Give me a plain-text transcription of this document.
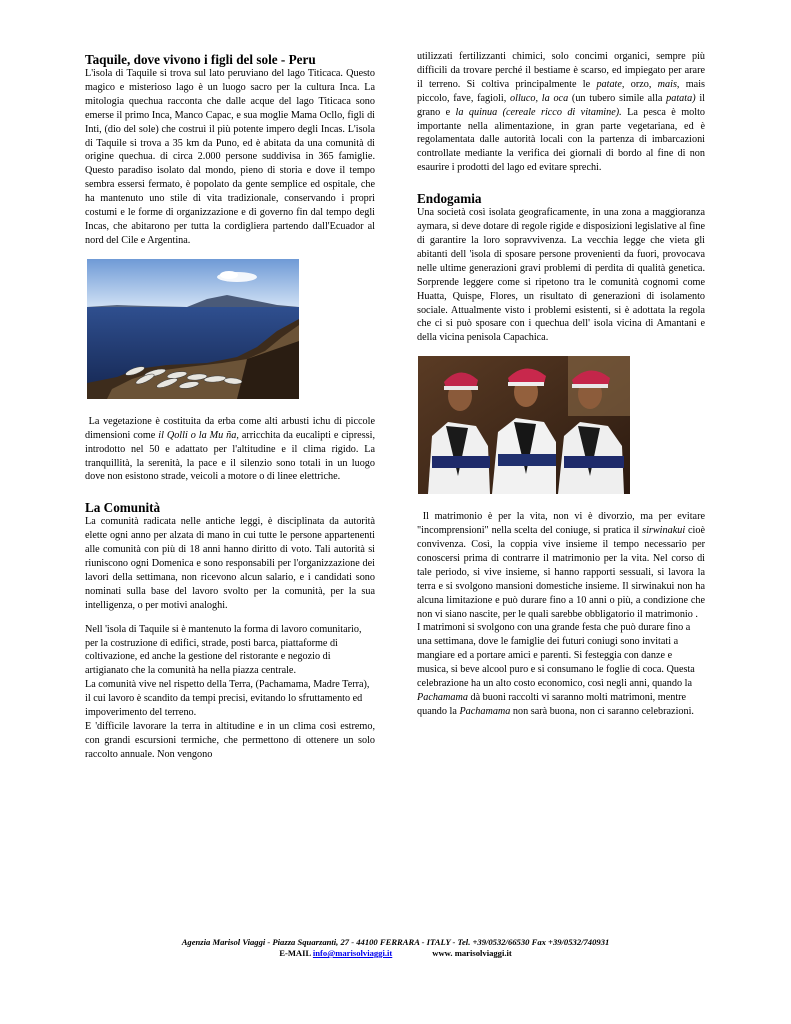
Taquile, dove vivono i figli del sole - Peru

L'isola di Taquile si trova sul lato peruviano del lago Titicaca. Questo magico e misterioso lago è un luogo sacro per la cultura Inca. La mitologia quechua racconta che dalle acque del lago Titicaca sono emerse il primo Inca, Manco Capac, e sua moglie Mama Ocllo, figli di Inti, (dio del sole) che costruì il più potente impero degli Incas. L'isola di Taquile si trova a 35 km da Puno, ed è abitata da una comunità di origine quechua. di circa 2.000 persone suddivisa in 365 famiglie. Questo paradiso isolato dal mondo, pieno di storia e dove il tempo sembra essersi fermato, è popolato da gente semplice ed ospitale, che ha mantenuto uno stile di vita tradizionale, conservando i propri costumi e le forme di organizzazione e di governo fin dal tempo degli Incas, che abitarono per tutta la cordigliera partendo dall'Ecuador al nord del Cile e Argentina.

La vegetazione è costituita da erba come alti arbusti ichu di piccole dimensioni come il Qolli o la Mu ña, arricchita da eucalipti e cipressi, introdotto nel 50 e adattato per l'altitudine e il clima rigido. La tranquillità, la serenità, la pace e il silenzio sono totali in un luogo dove non esistono strade, veicoli a motore o di linee elettriche.

La Comunità

La comunità radicata nelle antiche leggi, è disciplinata da autorità elette ogni anno per alzata di mano in cui tutte le persone appartenenti alle comunità con più di 18 anni hanno diritto di voto. Tali autorità si riuniscono ogni Domenica e sono responsabili per l'organizzazione dei lavori della settimana, non ricevono alcun salario, e i candidati sono nominati sulla base del lavoro svolto per la comunità, per la sua intelligenza, o per motivi analoghi.

Nell 'isola di Taquile si è mantenuto la forma di lavoro comunitario, per la costruzione di edifici, strade, posti barca, piattaforme di coltivazione, ed anche la gestione del ristorante e negozio di artigianato che la comunità ha nella piazza centrale.

La comunità vive nel rispetto della Terra, (Pachamama, Madre Terra), il cui lavoro è scandito da tempi precisi, evitando lo sfruttamento ed impoverimento del terreno.

E 'difficile lavorare la terra in altitudine e in un clima così estremo, con grandi escursioni termiche, che permettono di ottenere un solo raccolto annuale. Non vengono

utilizzati fertilizzanti chimici, solo concimi organici, sempre più difficili da trovare perché il bestiame è scarso, ed impiegato per arare il terreno. Si coltiva principalmente le patate, orzo, mais, mais piccolo, fave, fagioli, olluco, la oca (un tubero simile alla patata) il grano e la quinua (cereale ricco di vitamine). La pesca è molto importante nella alimentazione, in gran parte vegetariana, ed è regolamentata dalle autorità locali con la partenza di imbarcazioni controllate mediante la verifica dei giornali di bordo al fine di non esaurire i prodotti del lago ed evitare sprechi.

Endogamia

Una società così isolata geograficamente, in una zona a maggioranza aymara, si deve dotare di regole rigide e disposizioni legislative al fine di garantire la loro sopravvivenza. La vecchia legge che vieta gli abitanti dell 'isola di sposare persone provenienti da fuori, provocava nelle ultime generazioni gravi problemi di perdita di qualità genetica. Sorprende leggere come si ripetono tra le comunità cognomi come Huatta, Quispe, Flores, un risultato di generazioni di isolamento sociale. Attualmente visto i problemi esistenti, si è adottata la regola che ci si può sposare con i quechua dell' isola vicina di Amantani e della vicina penisola Capachica.

Il matrimonio è per la vita, non vi è divorzio, ma per evitare "incomprensioni" nella scelta del coniuge, si pratica il sirwinakui cioè convivenza. Così, la coppia vive insieme il tempo necessario per conoscersi prima di contrarre il matrimonio per la vita. Nel corso di tale periodo, si vive insieme, si hanno rapporti sessuali, si lavora la terra e si svolgono mansioni domestiche insieme. Il sirwinakui non ha alcuna limitazione e può durare fino a 10 anni o più, a condizione che non vi siano nascite, per le quali sarebbe obbligatorio il matrimonio .

I matrimoni si svolgono con una grande festa che può durare fino a una settimana, dove le famiglie dei futuri coniugi sono invitati a mangiare ed a portare amici e parenti. Si festeggia con danze e musica, si beve alcool puro e si consumano le foglie di coca. Questa celebrazione ha un alto costo economico, così negli anni, quando la Pachamama dà buoni raccolti vi saranno molti matrimoni, mentre quando la Pachamama non sarà buona, non ci saranno celebrazioni.

Agenzia Marisol Viaggi - Piazza Squarzanti, 27 - 44100 FERRARA - ITALY - Tel. +39/0532/66530 Fax +39/0532/740931
E-MAIL info@marisolviaggi.it	www. marisolviaggi.it
